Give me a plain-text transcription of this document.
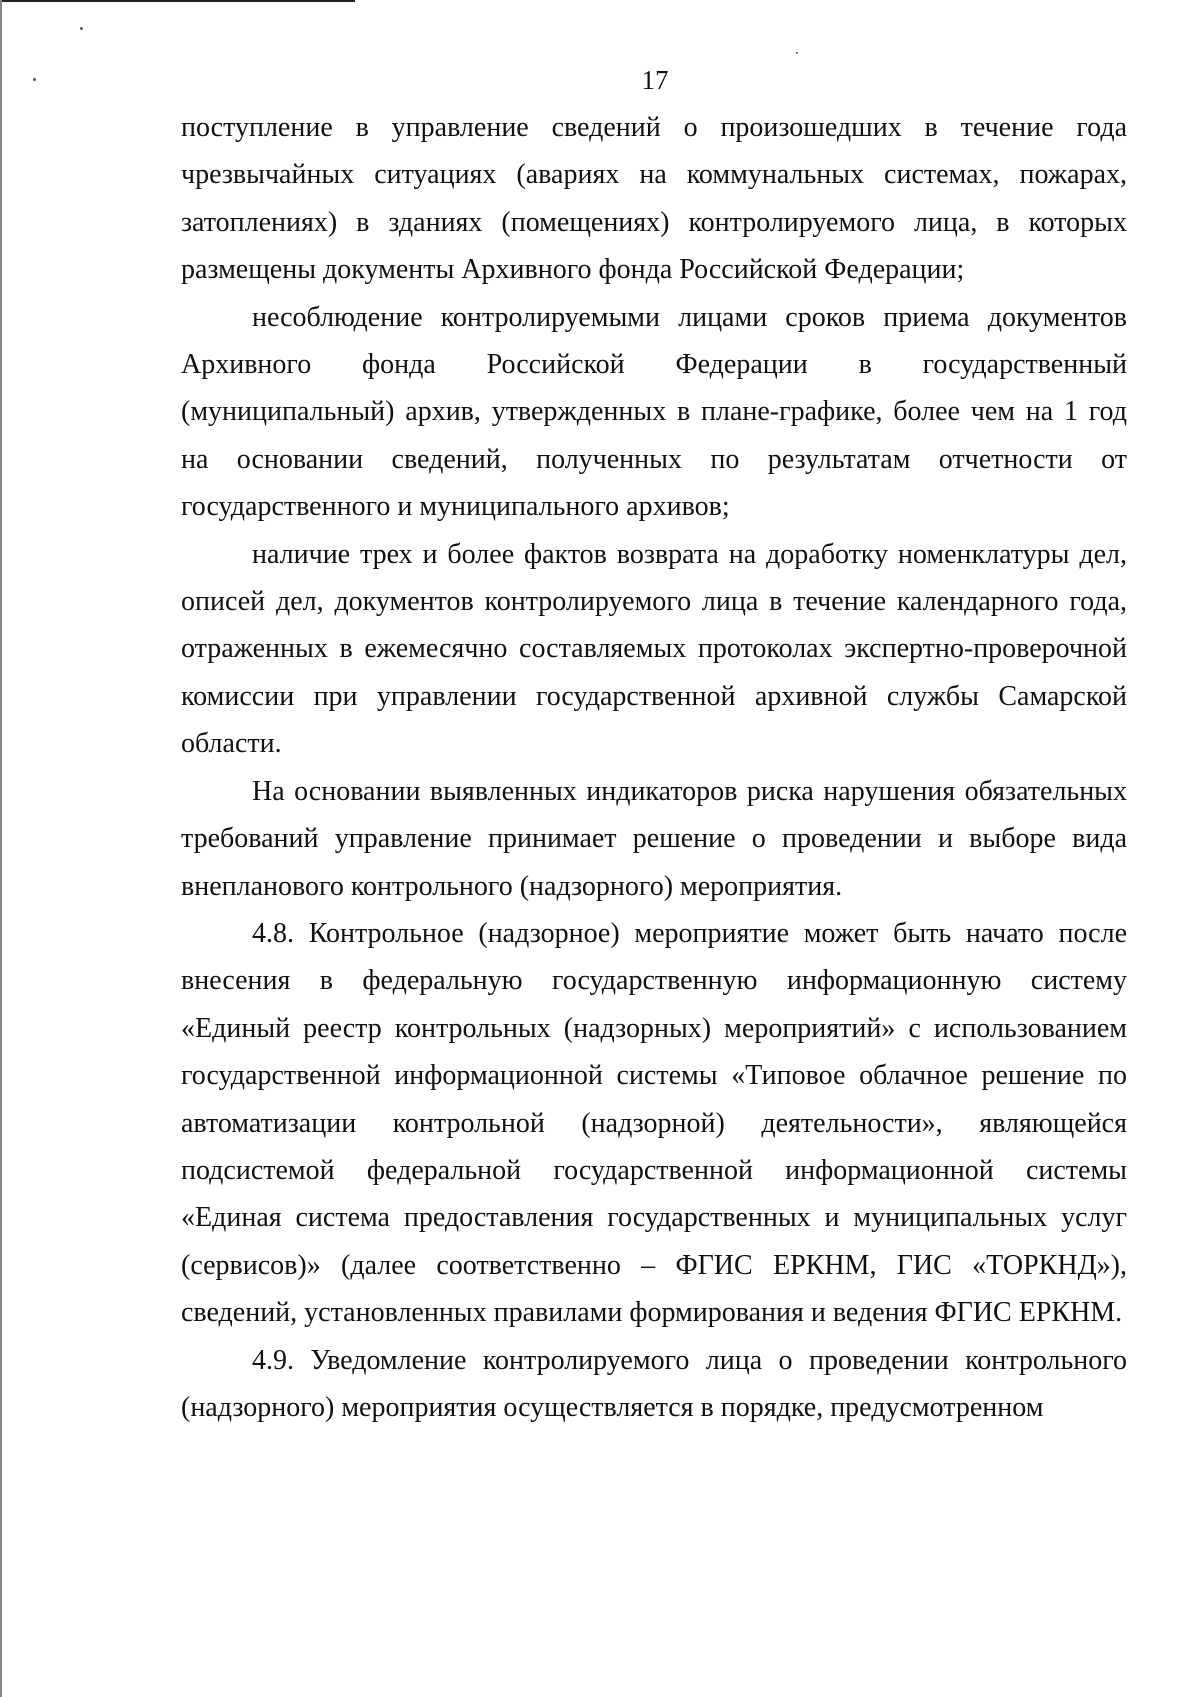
17

поступление в управление сведений о произошедших в течение года чрезвычайных ситуациях (авариях на коммунальных системах, пожарах, затоплениях) в зданиях (помещениях) контролируемого лица, в которых размещены документы Архивного фонда Российской Федерации;

несоблюдение контролируемыми лицами сроков приема документов Архивного фонда Российской Федерации в государственный (муниципальный) архив, утвержденных в плане-графике, более чем на 1 год на основании сведений, полученных по результатам отчетности от государственного и муниципального архивов;

наличие трех и более фактов возврата на доработку номенклатуры дел, описей дел, документов контролируемого лица в течение календарного года, отраженных в ежемесячно составляемых протоколах экспертно-проверочной комиссии при управлении государственной архивной службы Самарской области.

На основании выявленных индикаторов риска нарушения обязательных требований управление принимает решение о проведении и выборе вида внепланового контрольного (надзорного) мероприятия.

4.8. Контрольное (надзорное) мероприятие может быть начато после внесения в федеральную государственную информационную систему «Единый реестр контрольных (надзорных) мероприятий» с использованием государственной информационной системы «Типовое облачное решение по автоматизации контрольной (надзорной) деятельности», являющейся подсистемой федеральной государственной информационной системы «Единая система предоставления государственных и муниципальных услуг (сервисов)» (далее соответственно – ФГИС ЕРКНМ, ГИС «ТОРКНД»), сведений, установленных правилами формирования и ведения ФГИС ЕРКНМ.

4.9. Уведомление контролируемого лица о проведении контрольного (надзорного) мероприятия осуществляется в порядке, предусмотренном
